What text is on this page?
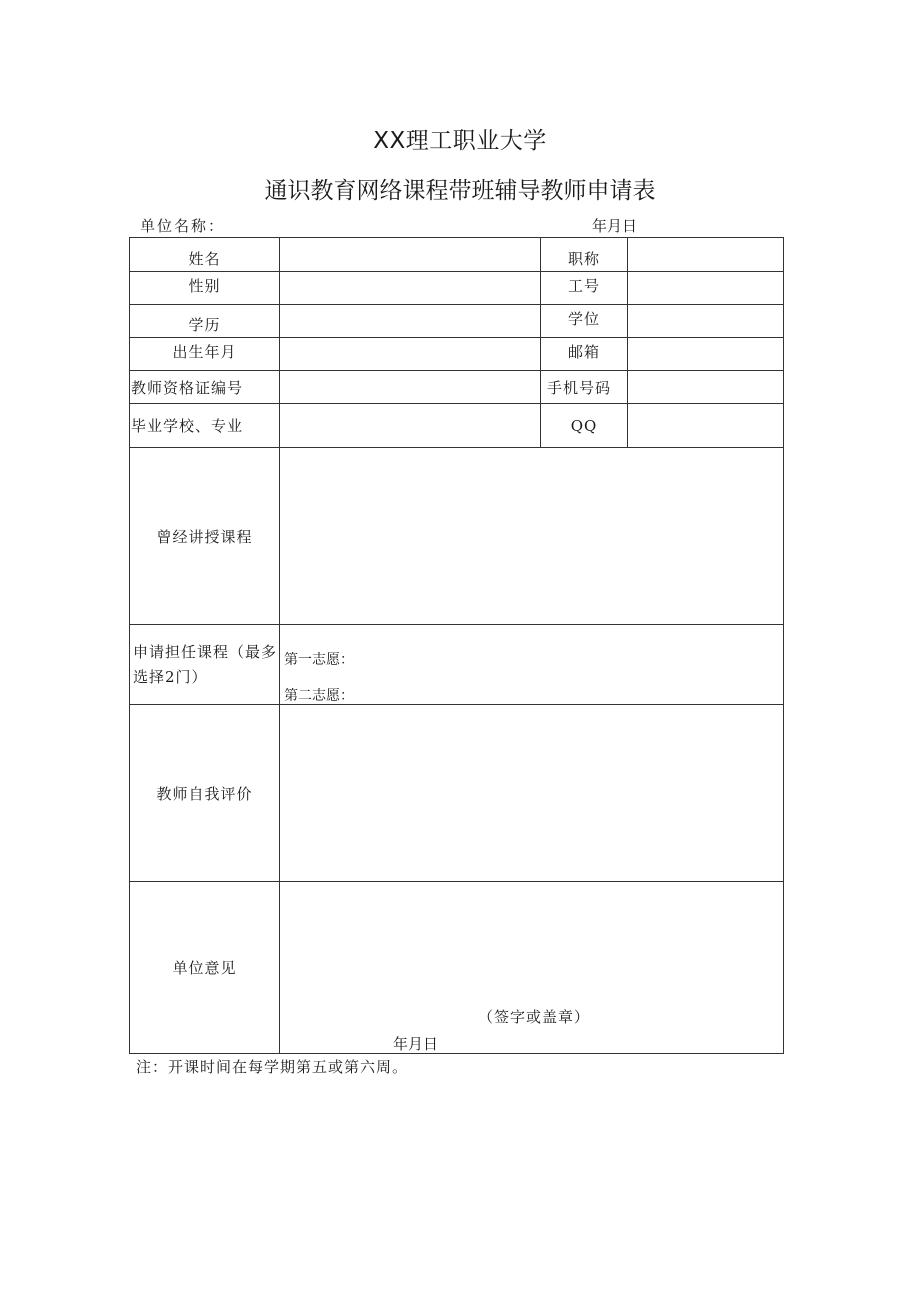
XX理工职业大学
通识教育网络课程带班辅导教师申请表
单位名称：	年月日
姓名		职称	
性别		工号	
学历		学位	
出生年月		邮箱	
教师资格证编号		手机号码	
毕业学校、专业		QQ	
曾经讲授课程			
申请担任课程（最多选择2门）	第一志愿：
第二志愿：		

教师自我评价			
单位意见	（签字或盖章）
年月日		
注：开课时间在每学期第五或第六周。
